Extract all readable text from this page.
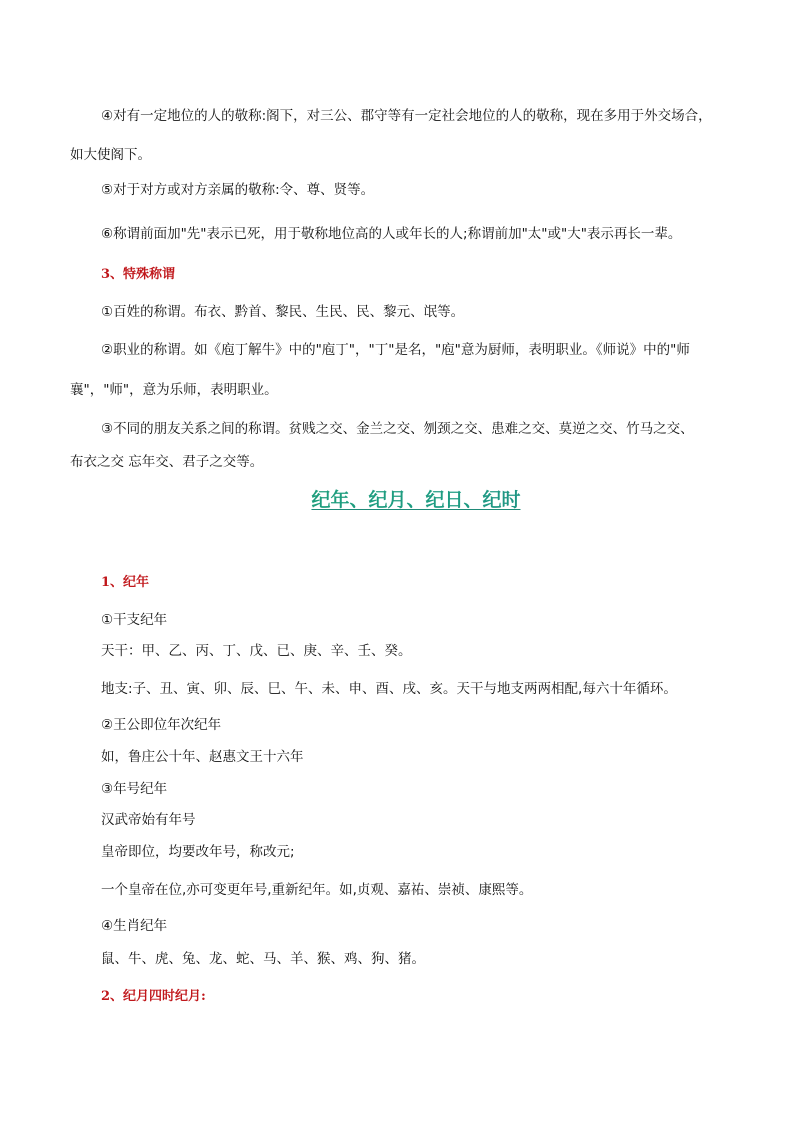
④对有一定地位的人的敬称:阁下，对三公、郡守等有一定社会地位的人的敬称，现在多用于外交场合，
如大使阁下。
⑤对于对方或对方亲属的敬称:令、尊、贤等。
⑥称谓前面加"先"表示已死，用于敬称地位高的人或年长的人;称谓前加"太"或"大"表示再长一辈。
3、特殊称谓
①百姓的称谓。布衣、黔首、黎民、生民、民、黎元、氓等。
②职业的称谓。如《庖丁解牛》中的"庖丁"，"丁"是名，"庖"意为厨师，表明职业。《师说》中的"师
襄"，"师"，意为乐师，表明职业。
③不同的朋友关系之间的称谓。贫贱之交、金兰之交、刎颈之交、患难之交、莫逆之交、竹马之交、
布衣之交 忘年交、君子之交等。
纪年、纪月、纪日、纪时
1、纪年
①干支纪年
天干：甲、乙、丙、丁、戊、已、庚、辛、壬、癸。
地支:子、丑、寅、卯、辰、巳、午、未、申、酉、戌、亥。天干与地支两两相配,每六十年循环。
②王公即位年次纪年
如，鲁庄公十年、赵惠文王十六年
③年号纪年
汉武帝始有年号
皇帝即位，均要改年号，称改元;
一个皇帝在位,亦可变更年号,重新纪年。如,贞观、嘉祐、崇祯、康熙等。
④生肖纪年
鼠、牛、虎、兔、龙、蛇、马、羊、猴、鸡、狗、猪。
2、纪月四时纪月:
